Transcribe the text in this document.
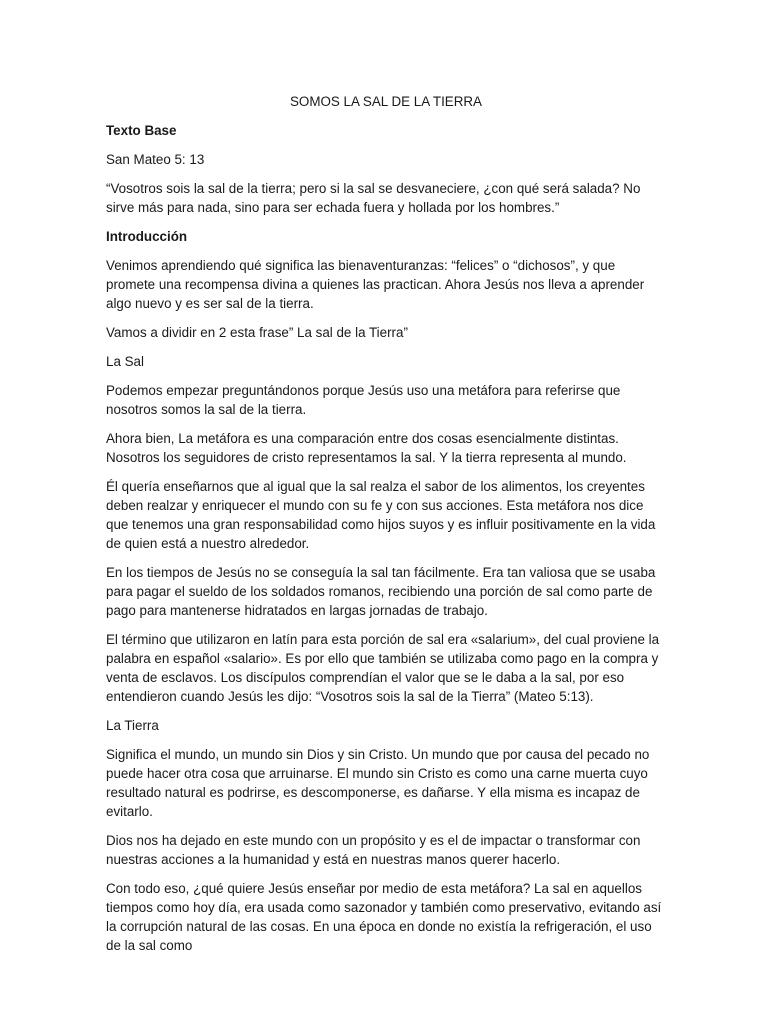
SOMOS LA SAL DE LA TIERRA

Texto Base

San Mateo 5: 13

“Vosotros sois la sal de la tierra; pero si la sal se desvaneciere, ¿con qué será salada? No sirve más para nada, sino para ser echada fuera y hollada por los hombres.”

Introducción

Venimos aprendiendo qué significa las bienaventuranzas: “felices” o “dichosos”, y que promete una recompensa divina a quienes las practican. Ahora Jesús nos lleva a aprender algo nuevo y es ser sal de la tierra.

Vamos a dividir en 2 esta frase” La sal de la Tierra”

La Sal

Podemos empezar preguntándonos porque Jesús uso una metáfora para referirse que nosotros somos la sal de la tierra.

Ahora bien, La metáfora es una comparación entre dos cosas esencialmente distintas. Nosotros los seguidores de cristo representamos la sal. Y la tierra representa al mundo.

Él quería enseñarnos que al igual que la sal realza el sabor de los alimentos, los creyentes deben realzar y enriquecer el mundo con su fe y con sus acciones. Esta metáfora nos dice que tenemos una gran responsabilidad como hijos suyos y es influir positivamente en la vida de quien está a nuestro alrededor.

En los tiempos de Jesús no se conseguía la sal tan fácilmente. Era tan valiosa que se usaba para pagar el sueldo de los soldados romanos, recibiendo una porción de sal como parte de pago para mantenerse hidratados en largas jornadas de trabajo.

El término que utilizaron en latín para esta porción de sal era «salarium», del cual proviene la palabra en español «salario». Es por ello que también se utilizaba como pago en la compra y venta de esclavos. Los discípulos comprendían el valor que se le daba a la sal, por eso entendieron cuando Jesús les dijo: “Vosotros sois la sal de la Tierra” (Mateo 5:13).

La Tierra

Significa el mundo, un mundo sin Dios y sin Cristo. Un mundo que por causa del pecado no puede hacer otra cosa que arruinarse. El mundo sin Cristo es como una carne muerta cuyo resultado natural es podrirse, es descomponerse, es dañarse. Y ella misma es incapaz de evitarlo.

Dios nos ha dejado en este mundo con un propósito y es el de impactar o transformar con nuestras acciones a la humanidad y está en nuestras manos querer hacerlo.

Con todo eso, ¿qué quiere Jesús enseñar por medio de esta metáfora? La sal en aquellos tiempos como hoy día, era usada como sazonador y también como preservativo, evitando así la corrupción natural de las cosas. En una época en donde no existía la refrigeración, el uso de la sal como
